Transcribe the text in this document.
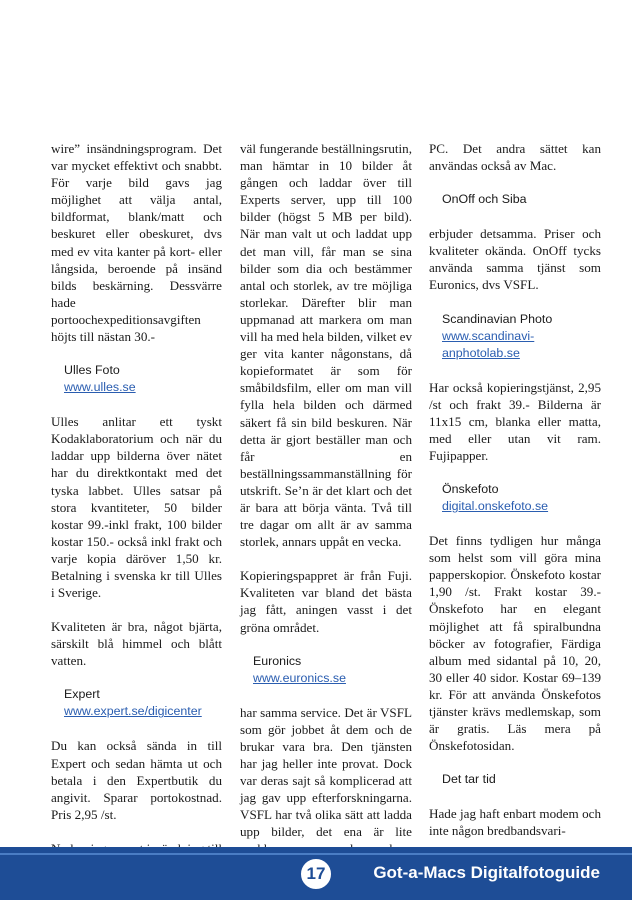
wire” insändningsprogram. Det var mycket effektivt och snabbt. För varje bild gavs jag möjlighet att välja antal, bildformat, blank/matt och beskuret eller obeskuret, dvs med ev vita kanter på kort- eller långsida, beroende på insänd bilds beskärning. Dessvärre hade portoochexpeditionsavgiften höjts till nästan 30.-

Ulles Foto
www.ulles.se

Ulles anlitar ett tyskt Kodaklaboratorium och när du laddar upp bilderna över nätet har du direktkontakt med det tyska labbet. Ulles satsar på stora kvantiteter, 50 bilder kostar 99.-inkl frakt, 100 bilder kostar 150.- också inkl frakt och varje kopia däröver 1,50 kr. Betalning i svenska kr till Ulles i Sverige.

Kvaliteten är bra, något bjärta, särskilt blå himmel och blått vatten.

Expert
www.expert.se/digicenter

Du kan också sända in till Expert och sedan hämta ut och betala i den Expertbutik du angivit. Sparar portokostnad. Pris 2,95 /st.

väl fungerande beställningsrutin, man hämtar in 10 bilder åt gången och laddar över till Experts server, upp till 100 bilder (högst 5 MB per bild). När man valt ut och laddat upp det man vill, får man se sina bilder som dia och bestämmer antal och storlek, av tre möjliga storlekar. Därefter blir man uppmanad att markera om man vill ha med hela bilden, vilket ev ger vita kanter någonstans, då kopieformatet är som för småbildsfilm, eller om man vill fylla hela bilden och därmed säkert få sin bild beskuren. När detta är gjort beställer man och får en beställningssammanställning för utskrift. Se’n är det klart och det är bara att börja vänta. Två till tre dagar om allt är av samma storlek, annars uppåt en vecka.

Kopieringspappret är från Fuji. Kvaliteten var bland det bästa jag fått, aningen vasst i det gröna området.

Euronics
www.euronics.se

har samma service. Det är VSFL som gör jobbet åt dem och de brukar vara bra. Den tjänsten har jag heller inte provat. Dock var deras sajt så komplicerad att jag gav upp efterforskningarna. VSFL har två olika sätt att ladda upp bilder, det ena är lite

PC. Det andra sättet kan användas också av Mac.

OnOff och Siba

erbjuder detsamma. Priser och kvaliteter okända. OnOff tycks använda samma tjänst som Euronics, dvs VSFL.

Scandinavian Photo
www.scandinavi-
anphotolab.se

Har också kopieringstjänst, 2,95 /st och frakt 39.- Bilderna är 11x15 cm, blanka eller matta, med eller utan vit ram. Fujipapper.

Önskefoto
digital.onskefoto.se

Det finns tydligen hur många som helst som vill göra mina papperskopior. Önskefoto kostar 1,90 /st. Frakt kostar 39.- Önskefoto har en elegant möjlighet att få spiralbundna böcker av fotografier, Färdiga album med sidantal på 10, 20, 30 eller 40 sidor. Kostar 69–139 kr. För att använda Önskefotos tjänster krävs medlemskap, som är gratis. Läs mera på Önskefotosidan.

Det tar tid

Hade jag haft enbart modem och inte någon bredbandsvari-

17	Got-a-Macs Digitalfotoguide
